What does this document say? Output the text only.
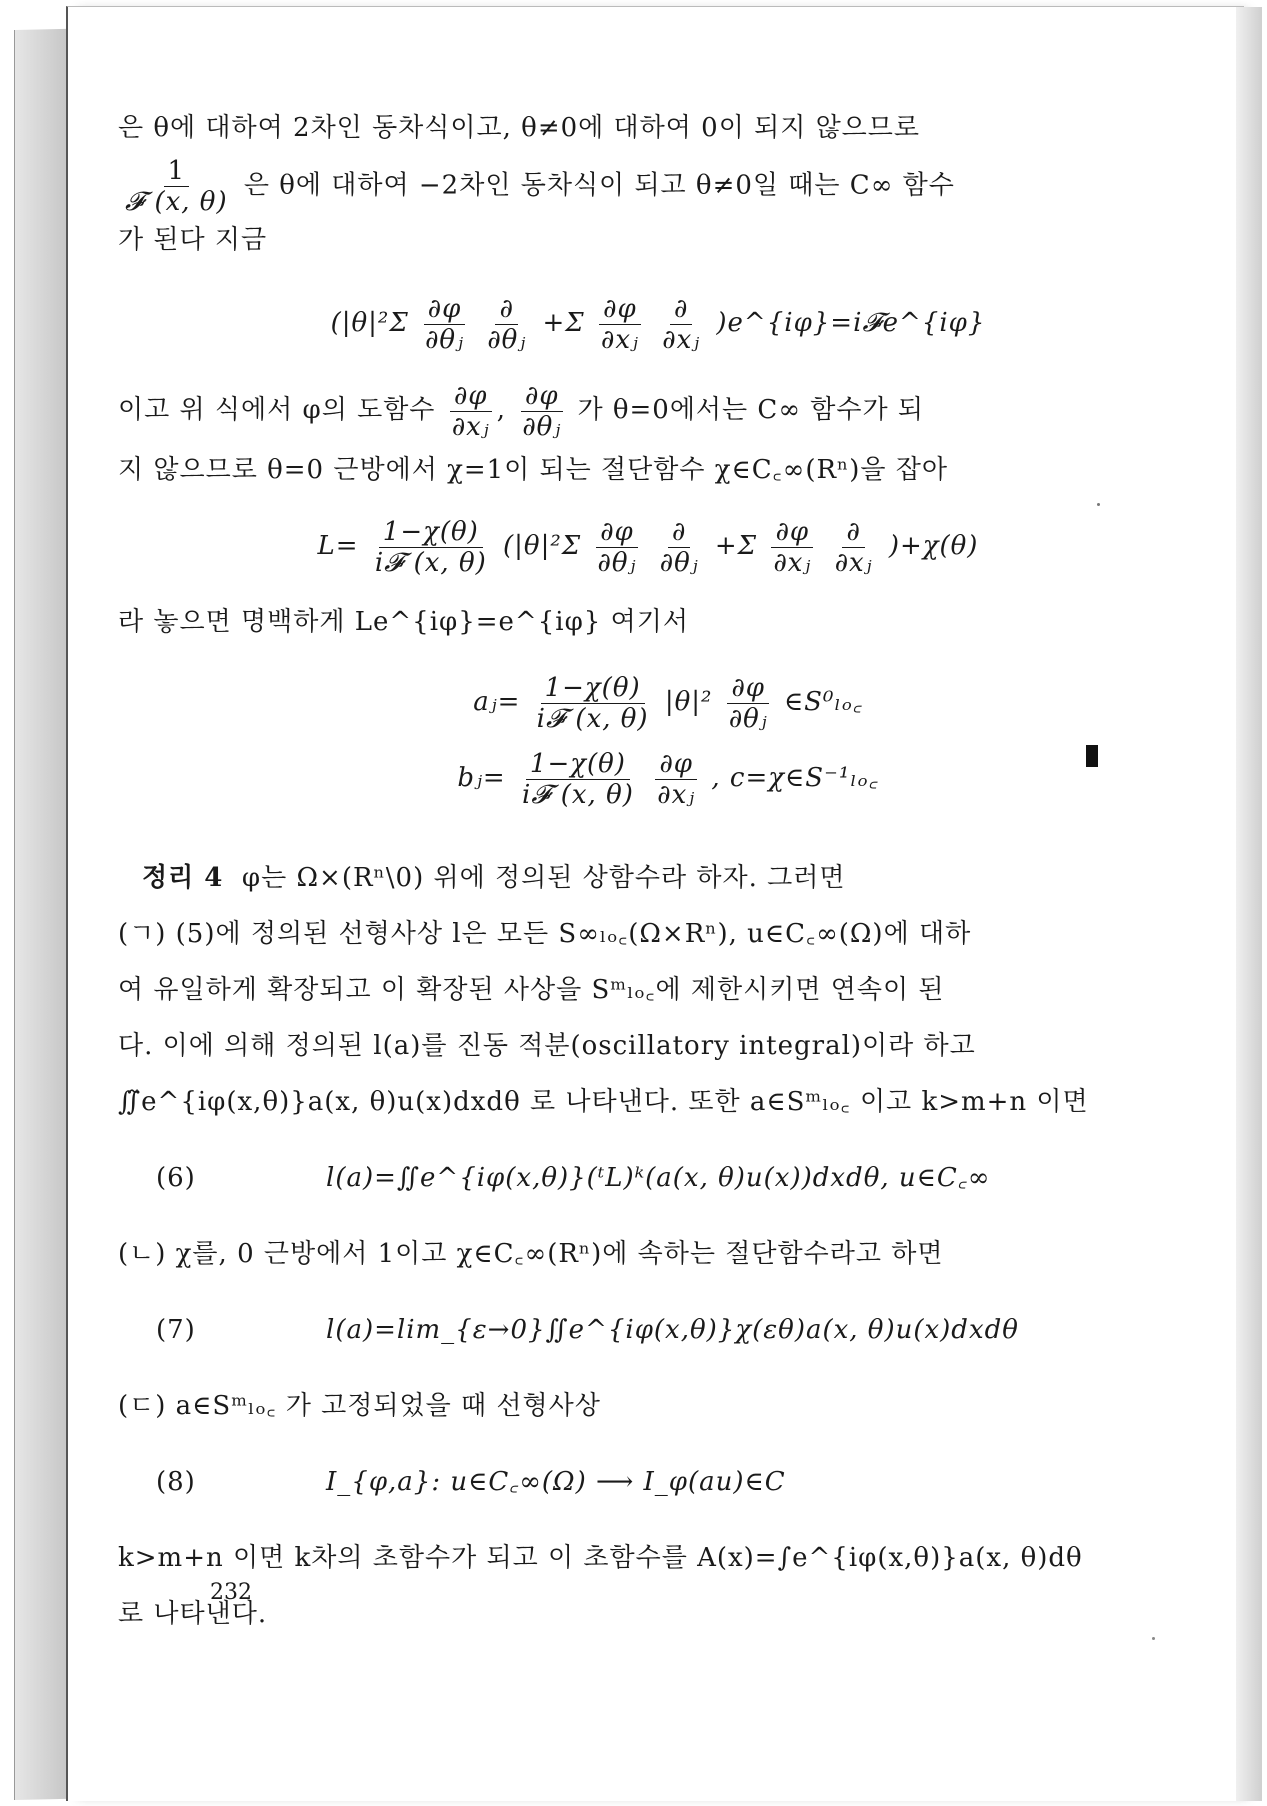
은 θ에 대하여 2차인 동차식이고, θ≠0에 대하여 0이 되지 않으므로
$\frac{1}{\text{𝓕 (x, θ)}}$ 은 θ에 대하여 −2차인 동차식이 되고 θ≠0일 때는 C∞ 함수
가 된다 지금
($|\theta|^2\Sigma \frac{\partial\varphi}{\text{∂θⱼ}}$
$\frac{\partial}{\text{∂θⱼ}} +\Sigma \frac{\partial\varphi}{\text{∂xⱼ}}$
$\frac{\partial}{\text{∂xⱼ}}$ )e^{iφ}=i𝓕e^{iφ}
이고 위 식에서 φ의 도함수 $\frac{\partial\varphi}{\text{∂xⱼ}}$ , $\frac{\partial\varphi}{\text{∂θⱼ}}$ 가 θ=0에서는 C∞ 함수가 되
지 않으므로 θ=0 근방에서 χ=1이 되는 절단함수 χ∈C꜀∞(Rⁿ)을 잡아
$L= \frac{1-\chi(\theta)}{\text{i𝓕 (x, θ)}} (|\theta|^2\Sigma \frac{\partial\varphi}{\text{∂θⱼ}}$
$\frac{\partial}{\text{∂θⱼ}} +\Sigma \frac{\partial\varphi}{\text{∂xⱼ}}$
$\frac{\partial}{\text{∂xⱼ}} )+\chi(\theta)$
라 놓으면 명백하게 Le^{iφ}=e^{iφ} 여기서
aⱼ= $\frac{1-\chi(\theta)}{\text{i𝓕 (x, θ)}} |\theta|^2 \frac{\partial\varphi}{\text{∂θⱼ}}$ ∈S⁰ₗₒ꜀
bⱼ= $\frac{1-\chi(\theta)}{\text{i𝓕 (x, θ)}}$
$\frac{\partial\varphi}{\text{∂xⱼ}}$ , c=χ∈S⁻¹ₗₒ꜀
정리 4 φ는 Ω×(Rⁿ\0) 위에 정의된 상함수라 하자. 그러면
(ㄱ) (5)에 정의된 선형사상 l은 모든 S∞ₗₒ꜀(Ω×Rⁿ), u∈C꜀∞(Ω)에 대하
여 유일하게 확장되고 이 확장된 사상을 Sᵐₗₒ꜀에 제한시키면 연속이 된
다. 이에 의해 정의된 l(a)를 진동 적분(oscillatory integral)이라 하고
∬̃e^{iφ(x,θ)}a(x, θ)u(x)dxdθ 로 나타낸다. 또한 a∈Sᵐₗₒ꜀ 이고 k>m+n 이면
(6)	l(a)=∬e^{iφ(x,θ)}(ᵗL)ᵏ(a(x, θ)u(x))dxdθ, u∈C꜀∞
(ㄴ) χ를, 0 근방에서 1이고 χ∈C꜀∞(Rⁿ)에 속하는 절단함수라고 하면
(7)	l(a)=lim_{ε→0}∬e^{iφ(x,θ)}χ(εθ)a(x, θ)u(x)dxdθ
(ㄷ) a∈Sᵐₗₒ꜀ 가 고정되었을 때 선형사상
(8)	I_{φ,a}: u∈C꜀∞(Ω) ⟶ I_φ(au)∈C
k>m+n 이면 k차의 초함수가 되고 이 초함수를 A(x)=∫e^{iφ(x,θ)}a(x, θ)dθ
로 나타낸다.
232
